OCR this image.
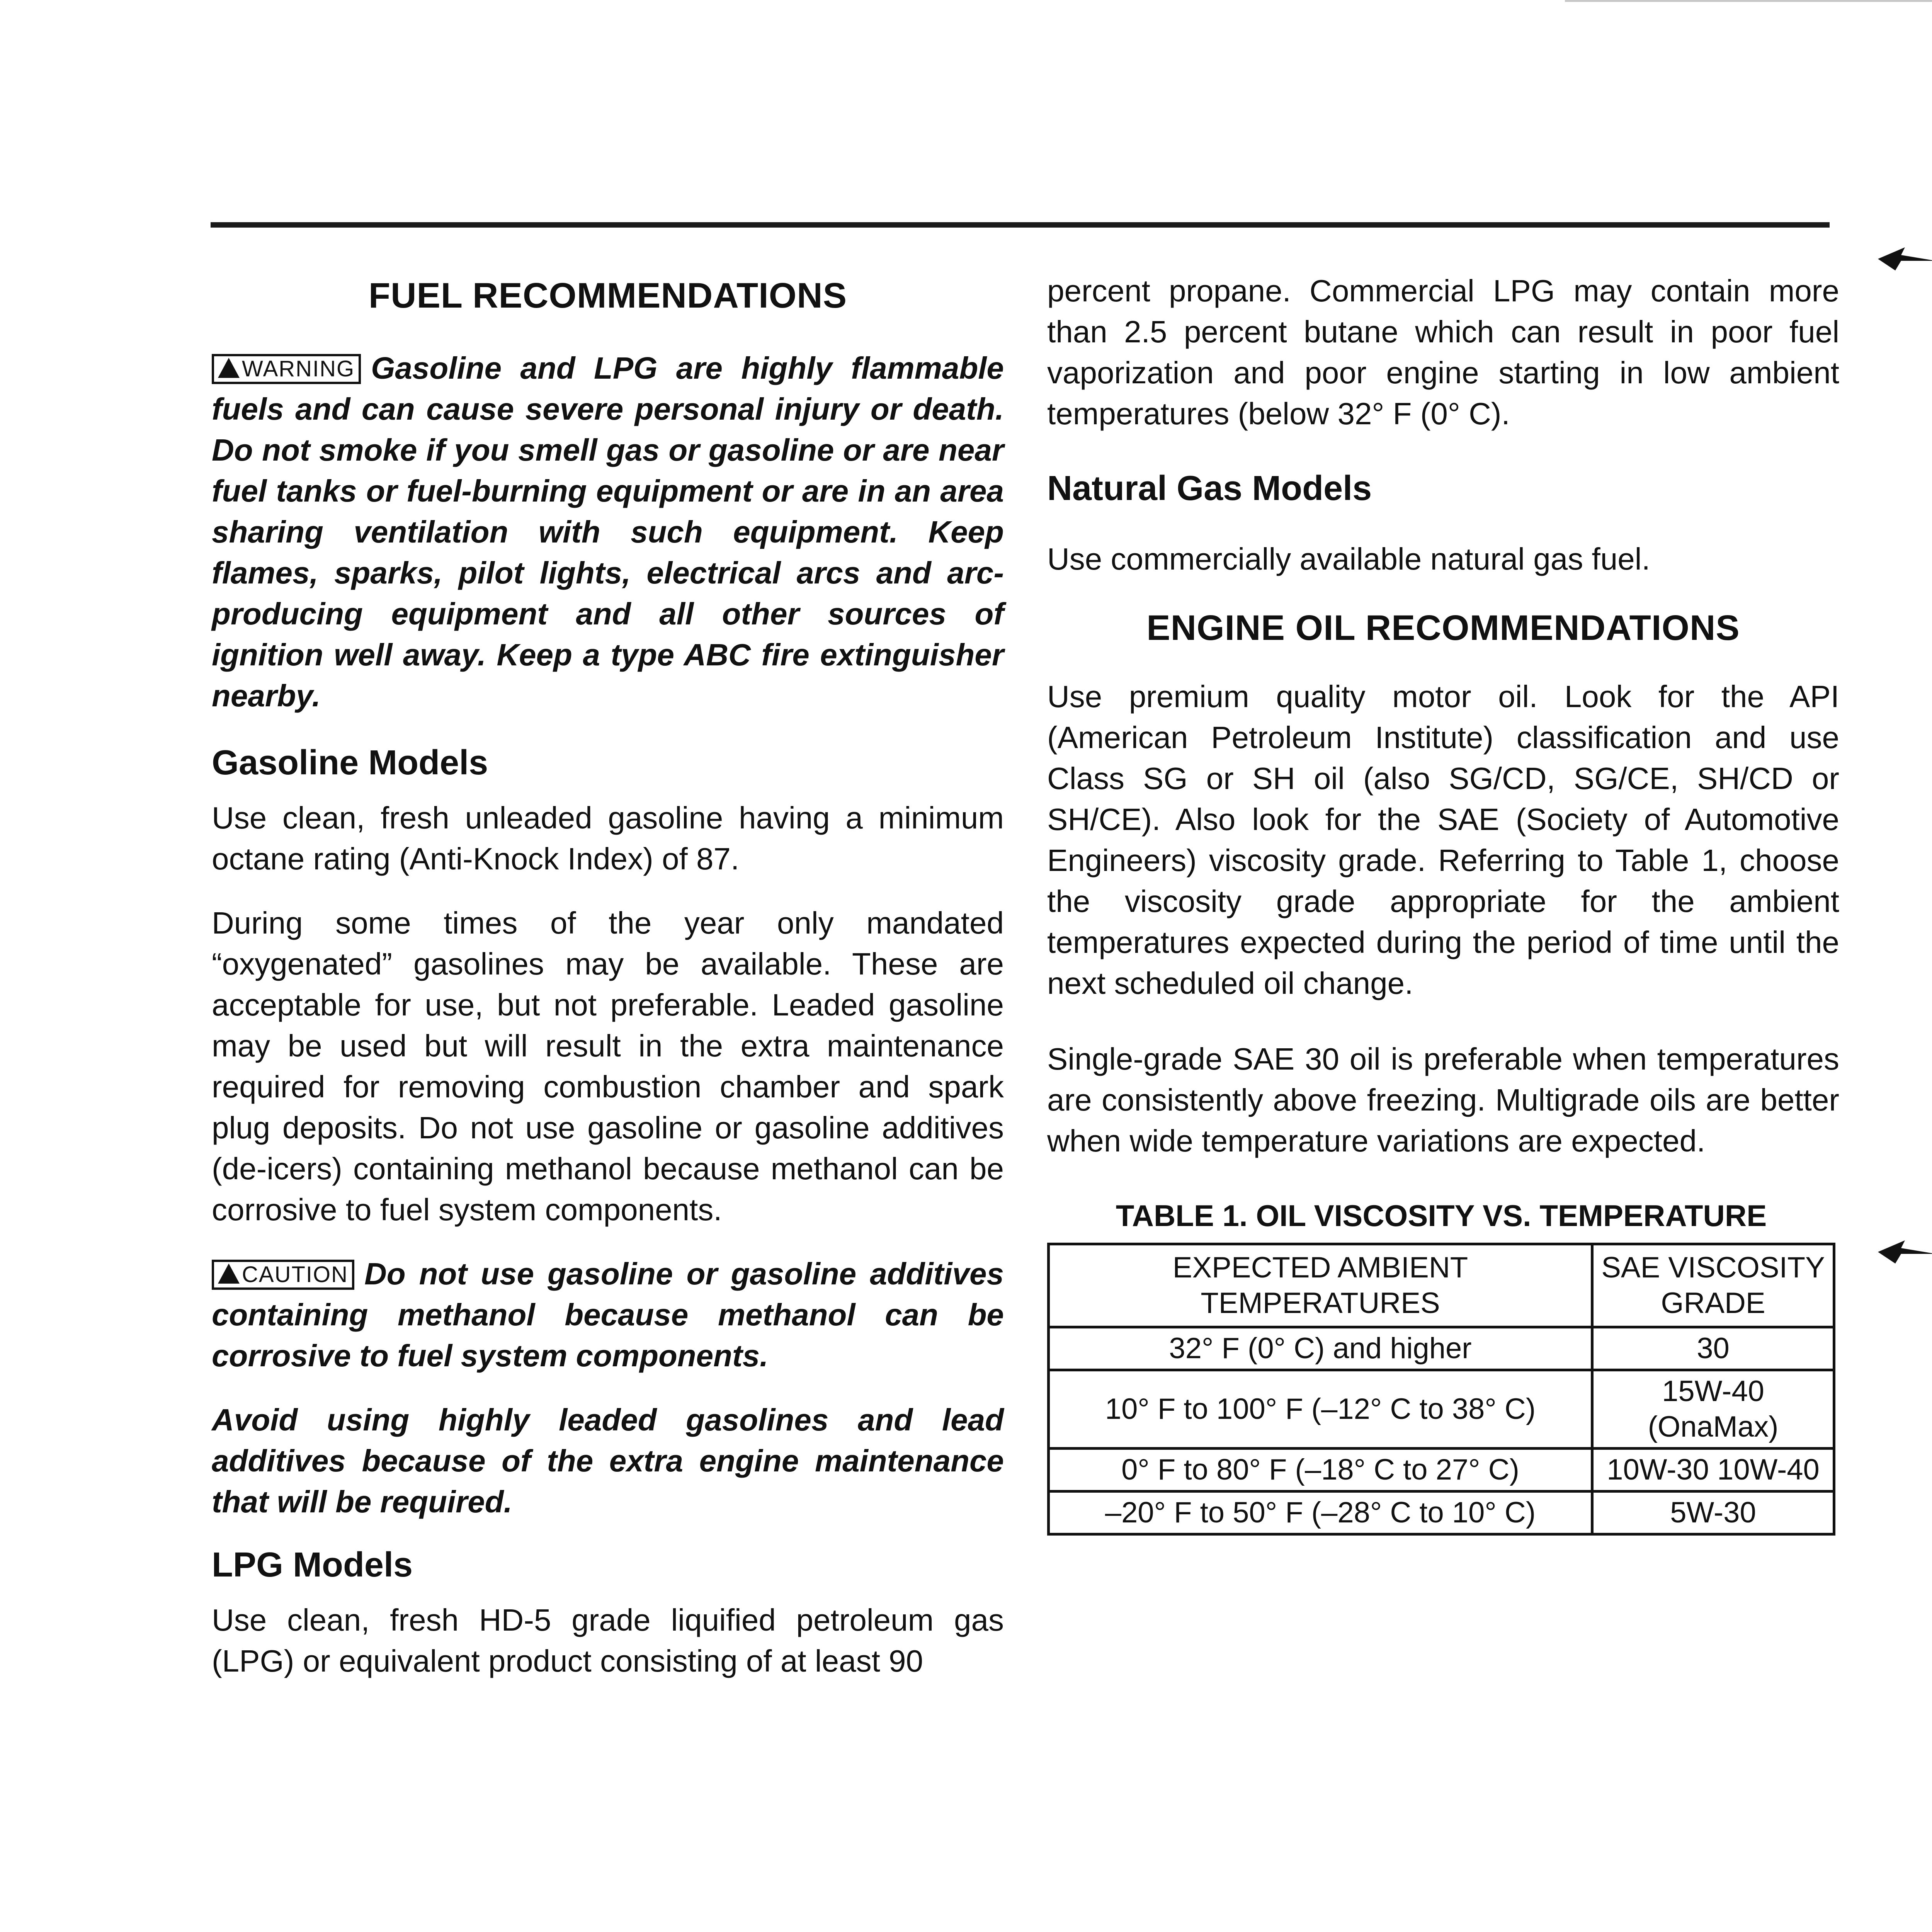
FUEL RECOMMENDATIONS

WARNING Gasoline and LPG are highly flammable fuels and can cause severe personal injury or death. Do not smoke if you smell gas or gasoline or are near fuel tanks or fuel-burning equipment or are in an area sharing ventilation with such equipment. Keep flames, sparks, pilot lights, electrical arcs and arc-producing equipment and all other sources of ignition well away. Keep a type ABC fire extinguisher nearby.

Gasoline Models

Use clean, fresh unleaded gasoline having a minimum octane rating (Anti-Knock Index) of 87.

During some times of the year only mandated “oxygenated” gasolines may be available. These are acceptable for use, but not preferable. Leaded gasoline may be used but will result in the extra maintenance required for removing combustion chamber and spark plug deposits. Do not use gasoline or gasoline additives (de-icers) containing methanol because methanol can be corrosive to fuel system components.

CAUTION Do not use gasoline or gasoline additives containing methanol because methanol can be corrosive to fuel system components.

Avoid using highly leaded gasolines and lead additives because of the extra engine maintenance that will be required.

LPG Models

Use clean, fresh HD-5 grade liquified petroleum gas (LPG) or equivalent product consisting of at least 90

percent propane. Commercial LPG may contain more than 2.5 percent butane which can result in poor fuel vaporization and poor engine starting in low ambient temperatures (below 32° F (0° C).

Natural Gas Models

Use commercially available natural gas fuel.

ENGINE OIL RECOMMENDATIONS

Use premium quality motor oil. Look for the API (American Petroleum Institute) classification and use Class SG or SH oil (also SG/CD, SG/CE, SH/CD or SH/CE). Also look for the SAE (Society of Automotive Engineers) viscosity grade. Referring to Table 1, choose the viscosity grade appropriate for the ambient temperatures expected during the period of time until the next scheduled oil change.

Single-grade SAE 30 oil is preferable when temperatures are consistently above freezing. Multigrade oils are better when wide temperature variations are expected.

TABLE 1. OIL VISCOSITY VS. TEMPERATURE
EXPECTED AMBIENT TEMPERATURES	SAE VISCOSITY GRADE
32° F (0° C) and higher	30
10° F to 100° F (–12° C to 38° C)	15W-40 (OnaMax)
0° F to 80° F (–18° C to 27° C)	10W-30 10W-40
–20° F to 50° F (–28° C to 10° C)	5W-30
